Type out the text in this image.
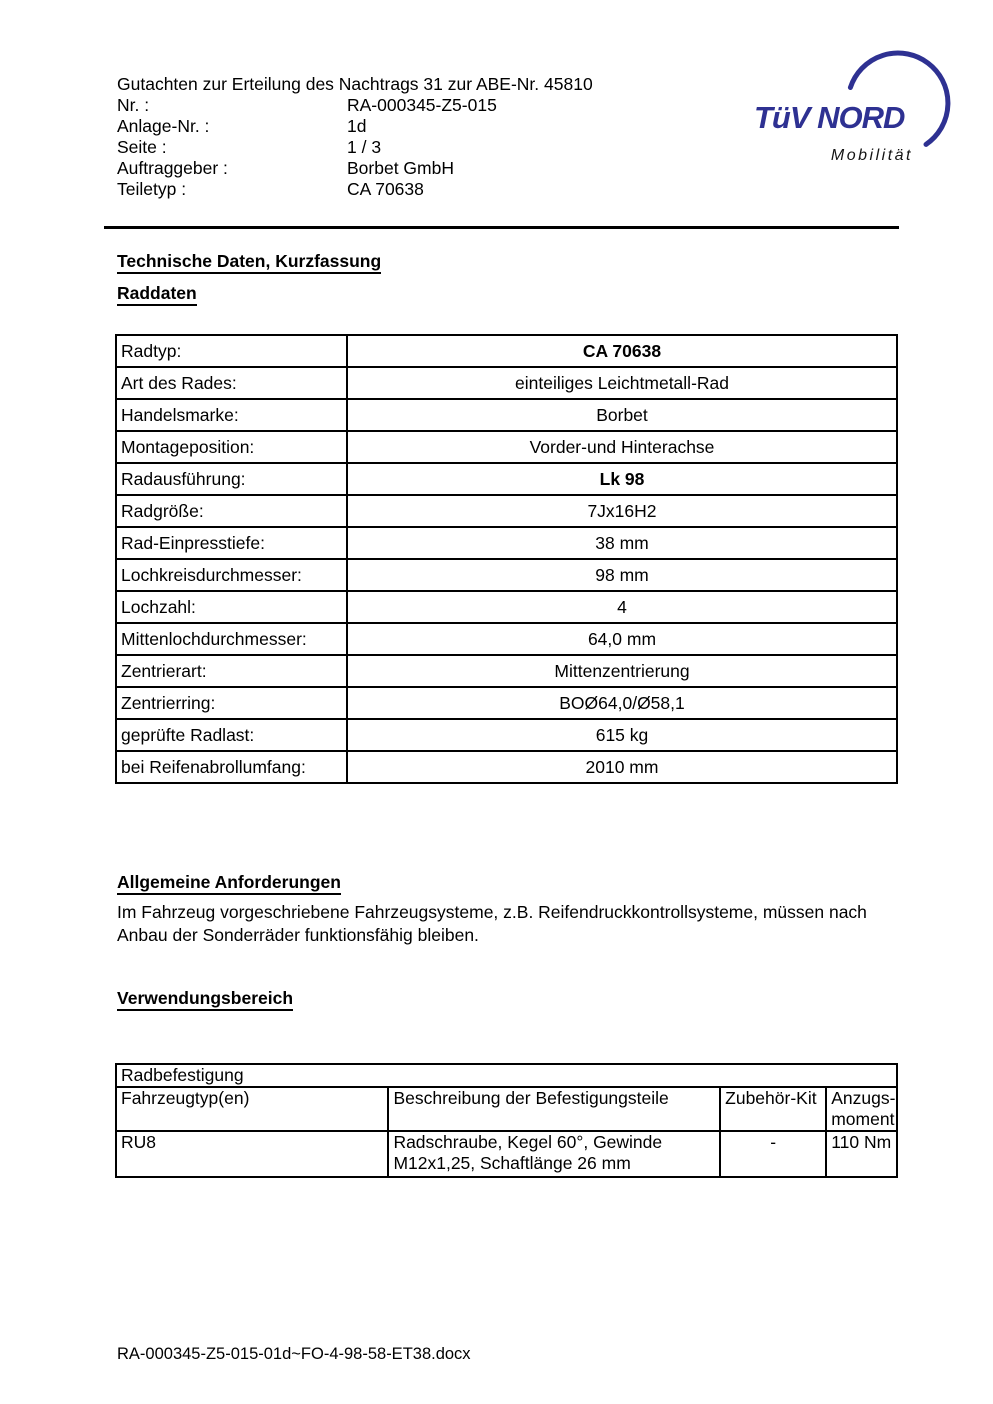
Gutachten zur Erteilung des Nachtrags 31 zur ABE-Nr. 45810
Nr. :	RA-000345-Z5-015
Anlage-Nr. :	1d
Seite :	1 / 3
Auftraggeber :	Borbet GmbH
Teiletyp :	CA 70638
TüV NORD
Mobilität
Technische Daten, Kurzfassung
Raddaten
Radtyp:	CA 70638
Art des Rades:	einteiliges Leichtmetall-Rad
Handelsmarke:	Borbet
Montageposition:	Vorder-und Hinterachse
Radausführung:	Lk 98
Radgröße:	7Jx16H2
Rad-Einpresstiefe:	38 mm
Lochkreisdurchmesser:	98 mm
Lochzahl:	4
Mittenlochdurchmesser:	64,0 mm
Zentrierart:	Mittenzentrierung
Zentrierring:	BOØ64,0/Ø58,1
geprüfte Radlast:	615 kg
bei Reifenabrollumfang:	2010 mm
Allgemeine Anforderungen
Im Fahrzeug vorgeschriebene Fahrzeugsysteme, z.B. Reifendruckkontrollsysteme, müssen nach Anbau der Sonderräder funktionsfähig bleiben.
Verwendungsbereich
Radbefestigung			
Fahrzeugtyp(en)	Beschreibung der Befestigungsteile	Zubehör-Kit	Anzugs-moment
RU8	Radschraube, Kegel 60°, Gewinde M12x1,25, Schaftlänge 26 mm	-	110 Nm
RA-000345-Z5-015-01d~FO-4-98-58-ET38.docx
